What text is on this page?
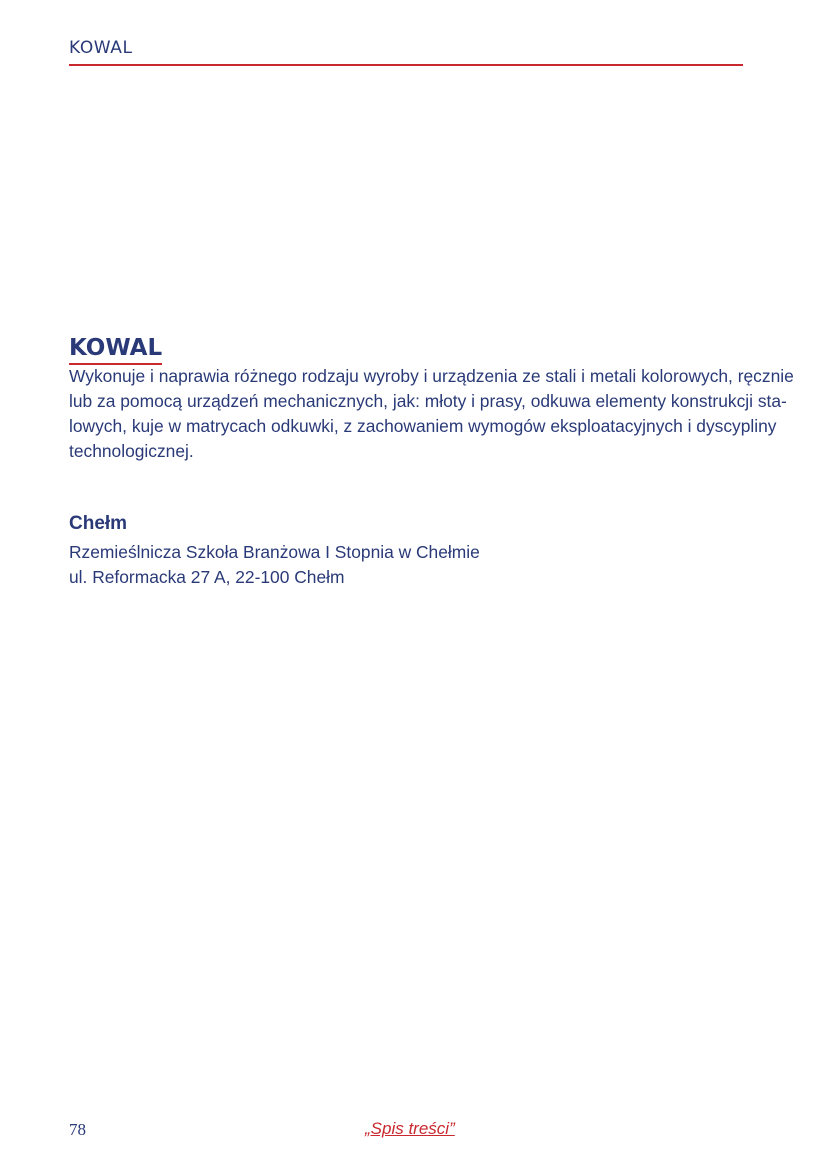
KOWAL
KOWAL
Wykonuje i naprawia różnego rodzaju wyroby i urządzenia ze stali i metali kolorowych, ręcznie
lub za pomocą urządzeń mechanicznych, jak: młoty i prasy, odkuwa elementy konstrukcji sta-
lowych, kuje w matrycach odkuwki, z zachowaniem wymogów eksploatacyjnych i dyscypliny
technologicznej.
Chełm
Rzemieślnicza Szkoła Branżowa I Stopnia w Chełmie
ul. Reformacka 27 A, 22-100 Chełm
78	„Spis treści”
